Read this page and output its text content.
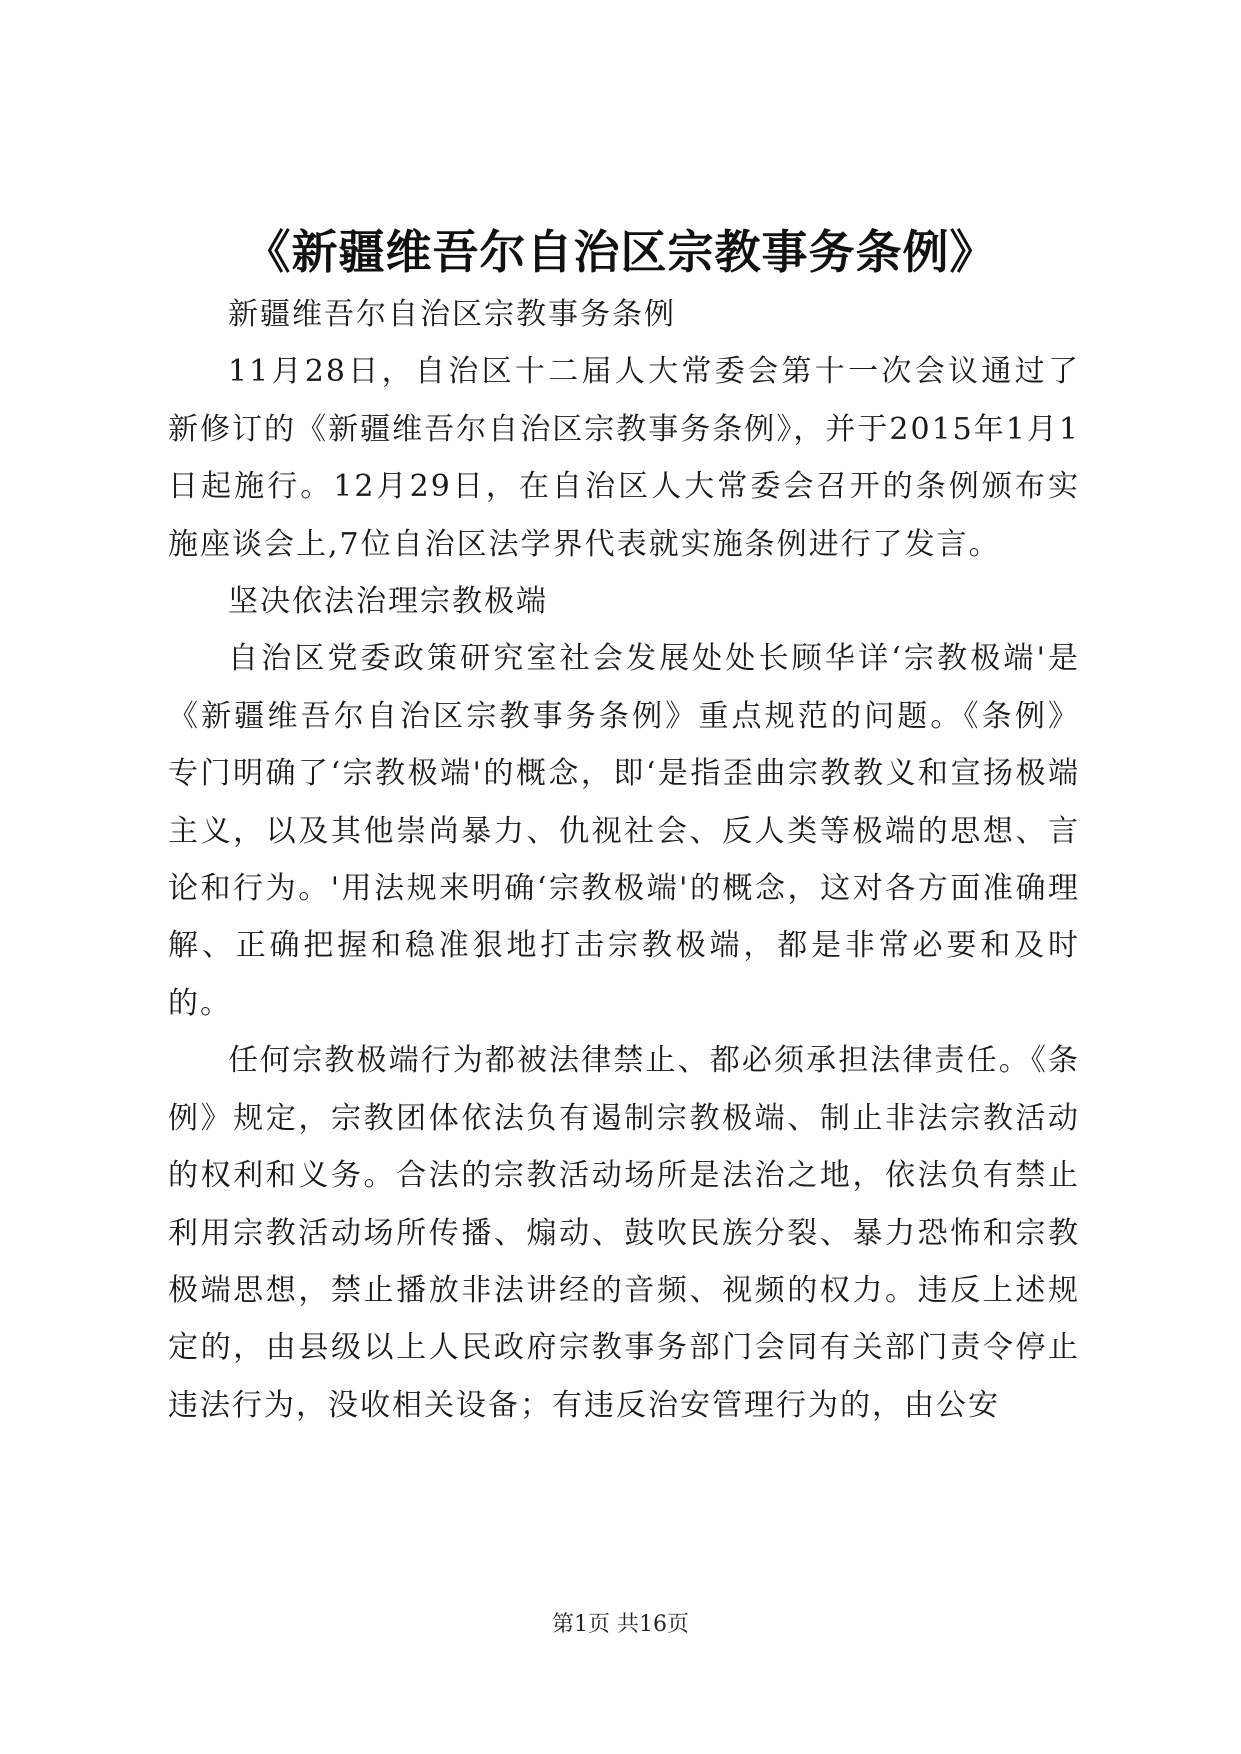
《新疆维吾尔自治区宗教事务条例》

新疆维吾尔自治区宗教事务条例

11月28日，自治区十二届人大常委会第十一次会议通过了新修订的《新疆维吾尔自治区宗教事务条例》，并于2015年1月1日起施行。12月29日，在自治区人大常委会召开的条例颁布实施座谈会上,7位自治区法学界代表就实施条例进行了发言。

坚决依法治理宗教极端

自治区党委政策研究室社会发展处处长顾华详‘宗教极端'是《新疆维吾尔自治区宗教事务条例》重点规范的问题。《条例》专门明确了‘宗教极端'的概念，即‘是指歪曲宗教教义和宣扬极端主义，以及其他崇尚暴力、仇视社会、反人类等极端的思想、言论和行为。'用法规来明确‘宗教极端'的概念，这对各方面准确理解、正确把握和稳准狠地打击宗教极端，都是非常必要和及时的。

任何宗教极端行为都被法律禁止、都必须承担法律责任。《条例》规定，宗教团体依法负有遏制宗教极端、制止非法宗教活动的权利和义务。合法的宗教活动场所是法治之地，依法负有禁止利用宗教活动场所传播、煽动、鼓吹民族分裂、暴力恐怖和宗教极端思想，禁止播放非法讲经的音频、视频的权力。违反上述规定的，由县级以上人民政府宗教事务部门会同有关部门责令停止违法行为，没收相关设备；有违反治安管理行为的，由公安

第1页 共16页
